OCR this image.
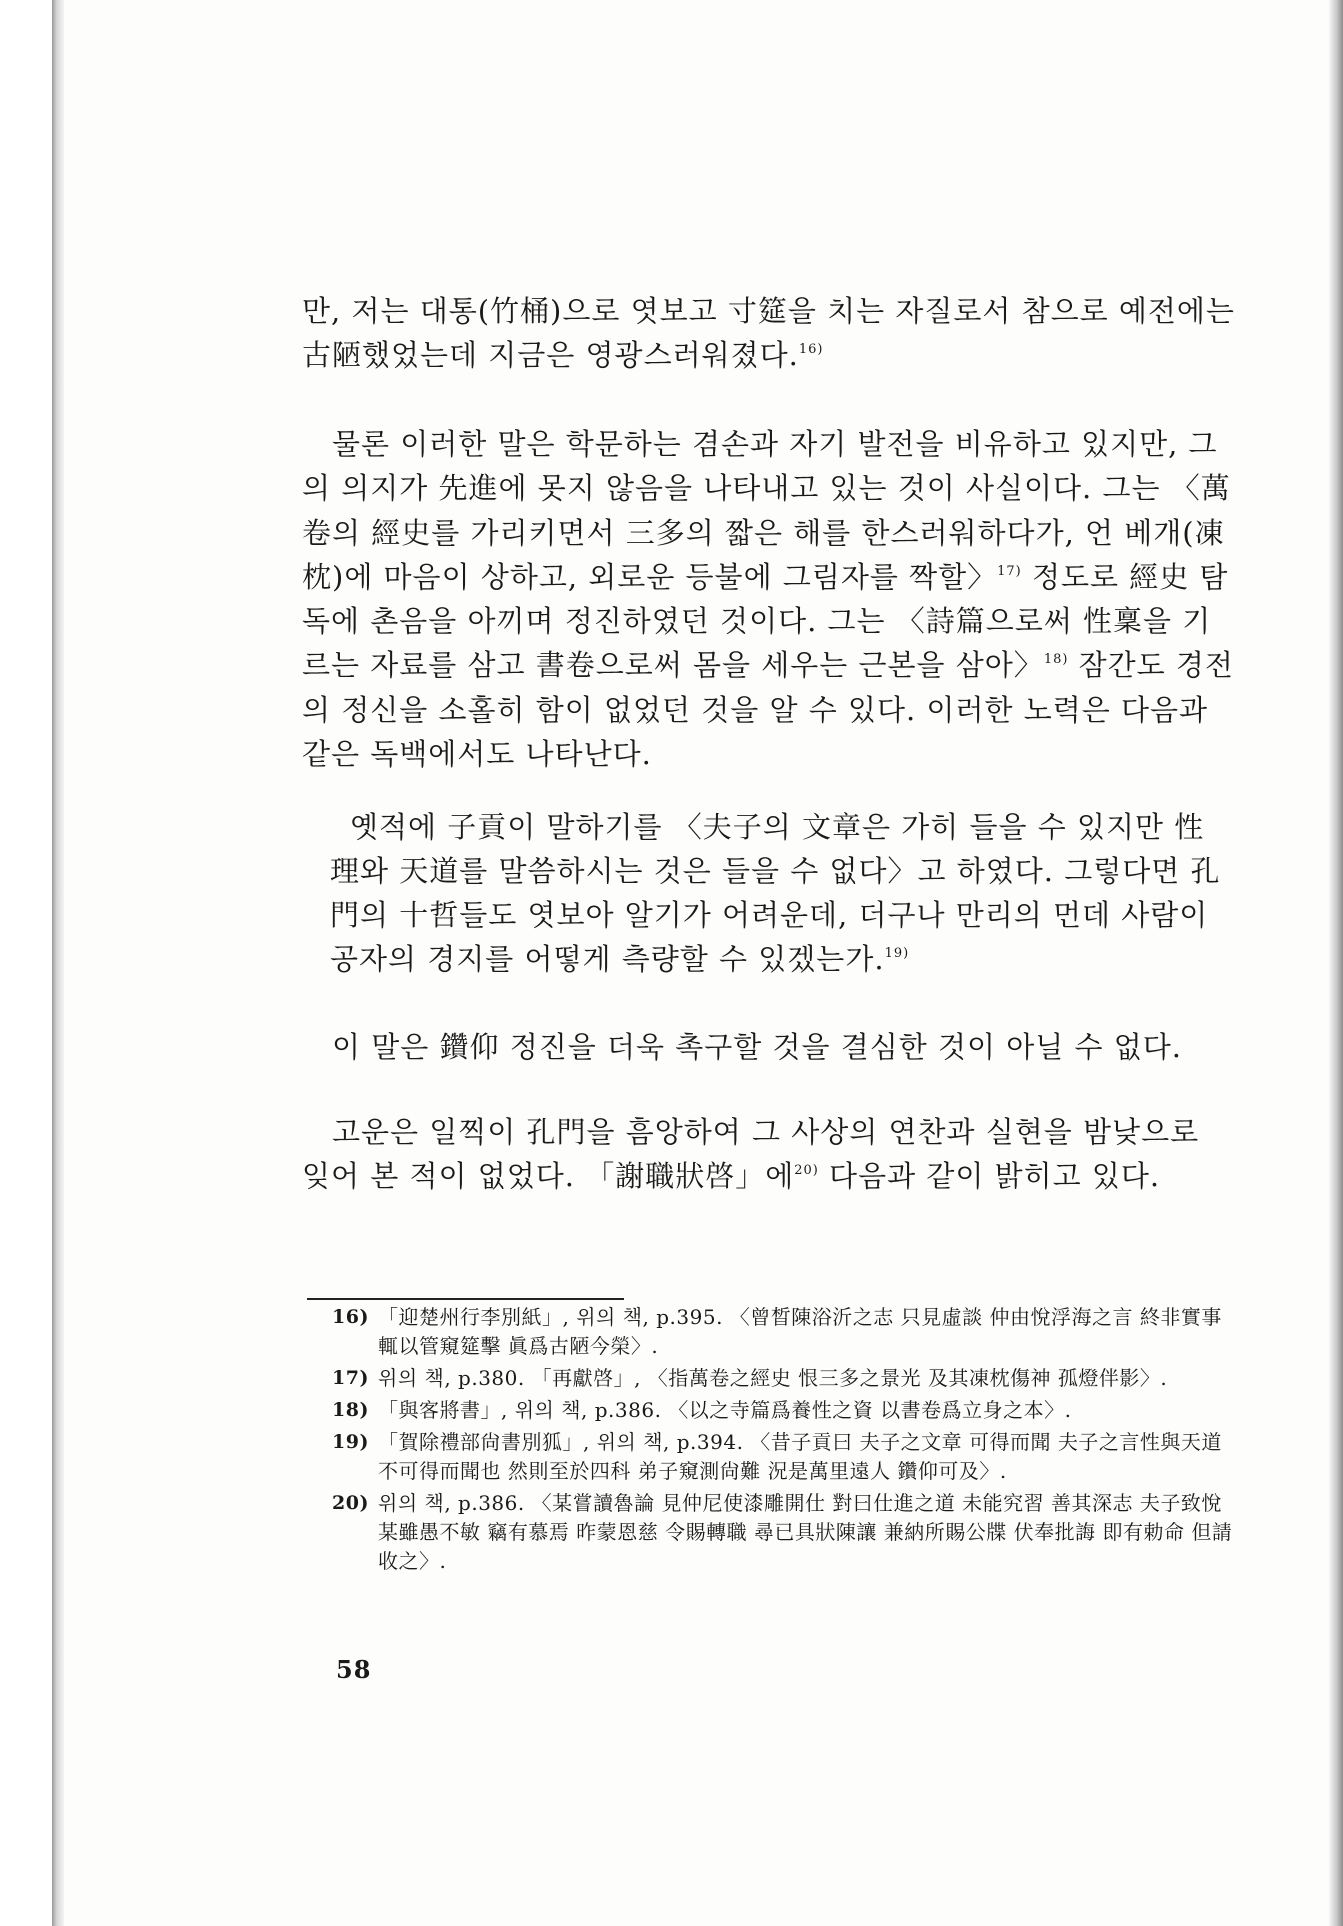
만, 저는 대통(竹桶)으로 엿보고 寸筵을 치는 자질로서 참으로 예전에는 古陋했었는데 지금은 영광스러워졌다.$^{16)}$

물론 이러한 말은 학문하는 겸손과 자기 발전을 비유하고 있지만, 그의 의지가 先進에 못지 않음을 나타내고 있는 것이 사실이다. 그는 〈萬卷의 經史를 가리키면서 三多의 짧은 해를 한스러워하다가, 언 베개(凍枕)에 마음이 상하고, 외로운 등불에 그림자를 짝할〉$^{17)}$ 정도로 經史 탐독에 촌음을 아끼며 정진하였던 것이다. 그는 〈詩篇으로써 性稟을 기르는 자료를 삼고 書卷으로써 몸을 세우는 근본을 삼아〉$^{18)}$ 잠간도 경전의 정신을 소홀히 함이 없었던 것을 알 수 있다. 이러한 노력은 다음과 같은 독백에서도 나타난다.

옛적에 子貢이 말하기를 〈夫子의 文章은 가히 들을 수 있지만 性理와 天道를 말씀하시는 것은 들을 수 없다〉고 하였다. 그렇다면 孔門의 十哲들도 엿보아 알기가 어려운데, 더구나 만리의 먼데 사람이 공자의 경지를 어떻게 측량할 수 있겠는가.$^{19)}$

이 말은 鑽仰 정진을 더욱 촉구할 것을 결심한 것이 아닐 수 없다.

고운은 일찍이 孔門을 흠앙하여 그 사상의 연찬과 실현을 밤낮으로 잊어 본 적이 없었다. 「謝職狀啓」에$^{20)}$ 다음과 같이 밝히고 있다.

16) 「迎楚州行李別紙」, 위의 책, p.395. 〈曾晳陳浴沂之志 只見虛談 仲由悅浮海之言 終非實事 輒以管窺筵擊 眞爲古陋今榮〉.
17) 위의 책, p.380. 「再獻啓」, 〈指萬卷之經史 恨三多之景光 及其凍枕傷神 孤燈伴影〉.
18) 「與客將書」, 위의 책, p.386. 〈以之寺篇爲養性之資 以書卷爲立身之本〉.
19) 「賀除禮部尙書別狐」, 위의 책, p.394. 〈昔子貢曰 夫子之文章 可得而聞 夫子之言性與天道 不可得而聞也 然則至於四科 弟子窺測尙難 況是萬里遠人 鑽仰可及〉.
20) 위의 책, p.386. 〈某嘗讀魯論 見仲尼使漆雕開仕 對曰仕進之道 未能究習 善其深志 夫子致悅 某雖愚不敏 竊有慕焉 昨蒙恩慈 令賜轉職 尋已具狀陳讓 兼納所賜公牒 伏奉批誨 即有勅命 但請收之〉.
58
